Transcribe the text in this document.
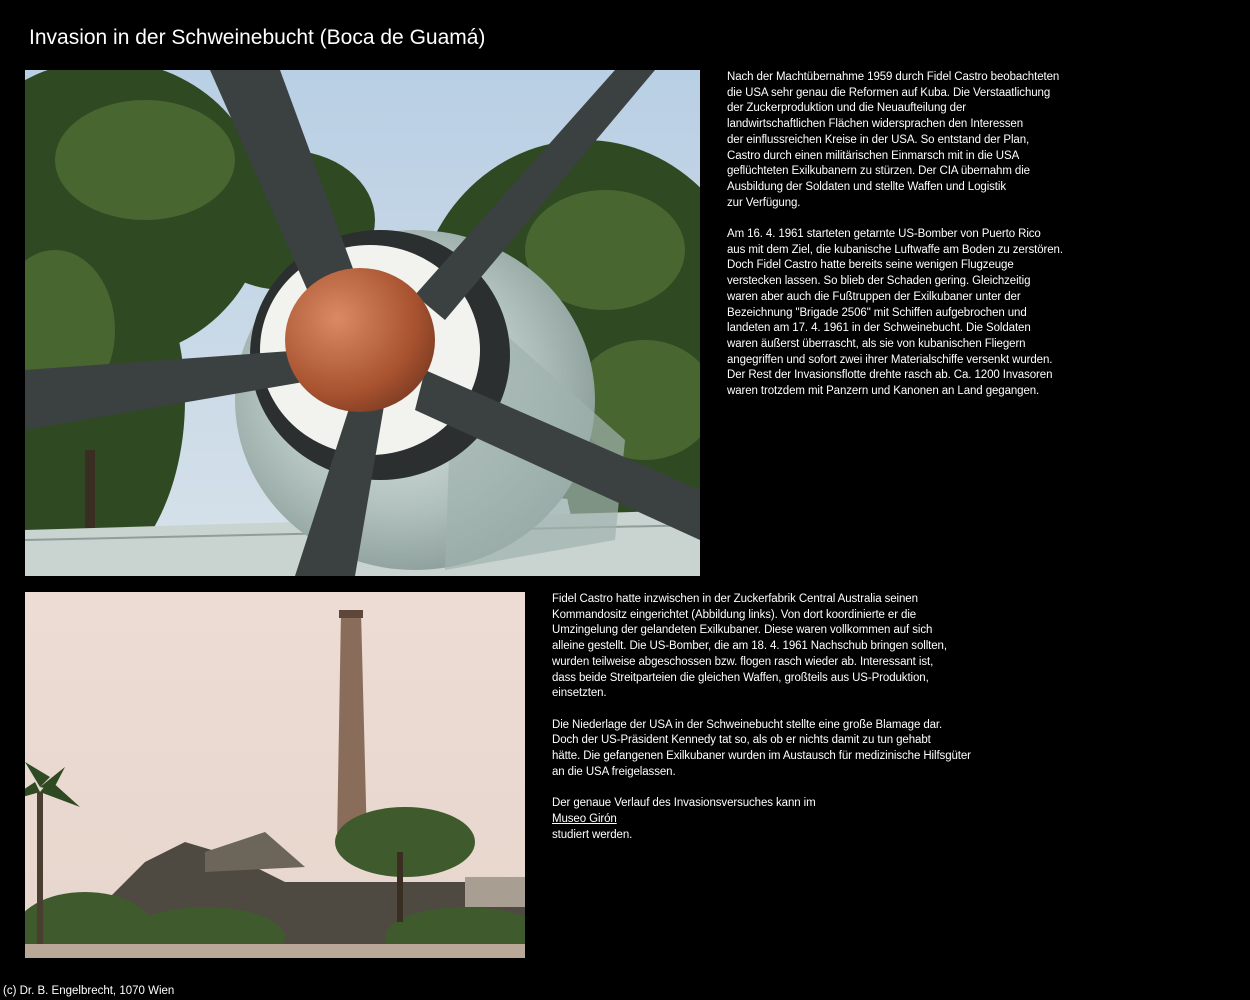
Invasion in der Schweinebucht (Boca de Guamá)

Nach der Machtübernahme 1959 durch Fidel Castro beobachteten
die USA sehr genau die Reformen auf Kuba. Die Verstaatlichung
der Zuckerproduktion und die Neuaufteilung der
landwirtschaftlichen Flächen widersprachen den Interessen
der einflussreichen Kreise in der USA. So entstand der Plan,
Castro durch einen militärischen Einmarsch mit in die USA
geflüchteten Exilkubanern zu stürzen. Der CIA übernahm die
Ausbildung der Soldaten und stellte Waffen und Logistik
zur Verfügung.

Am 16. 4. 1961 starteten getarnte US-Bomber von Puerto Rico
aus mit dem Ziel, die kubanische Luftwaffe am Boden zu zerstören.
Doch Fidel Castro hatte bereits seine wenigen Flugzeuge
verstecken lassen. So blieb der Schaden gering. Gleichzeitig
waren aber auch die Fußtruppen der Exilkubaner unter der
Bezeichnung "Brigade 2506" mit Schiffen aufgebrochen und
landeten am 17. 4. 1961 in der Schweinebucht. Die Soldaten
waren äußerst überrascht, als sie von kubanischen Fliegern
angegriffen und sofort zwei ihrer Materialschiffe versenkt wurden.
Der Rest der Invasionsflotte drehte rasch ab. Ca. 1200 Invasoren
waren trotzdem mit Panzern und Kanonen an Land gegangen.

Fidel Castro hatte inzwischen in der Zuckerfabrik Central Australia seinen
Kommandositz eingerichtet (Abbildung links). Von dort koordinierte er die
Umzingelung der gelandeten Exilkubaner. Diese waren vollkommen auf sich
alleine gestellt. Die US-Bomber, die am 18. 4. 1961 Nachschub bringen sollten,
wurden teilweise abgeschossen bzw. flogen rasch wieder ab. Interessant ist,
dass beide Streitparteien die gleichen Waffen, großteils aus US-Produktion,
einsetzten.

Die Niederlage der USA in der Schweinebucht stellte eine große Blamage dar.
Doch der US-Präsident Kennedy tat so, als ob er nichts damit zu tun gehabt
hätte. Die gefangenen Exilkubaner wurden im Austausch für medizinische Hilfsgüter
an die USA freigelassen.

Der genaue Verlauf des Invasionsversuches kann im
Museo Girón
studiert werden.

(c) Dr. B. Engelbrecht, 1070 Wien
